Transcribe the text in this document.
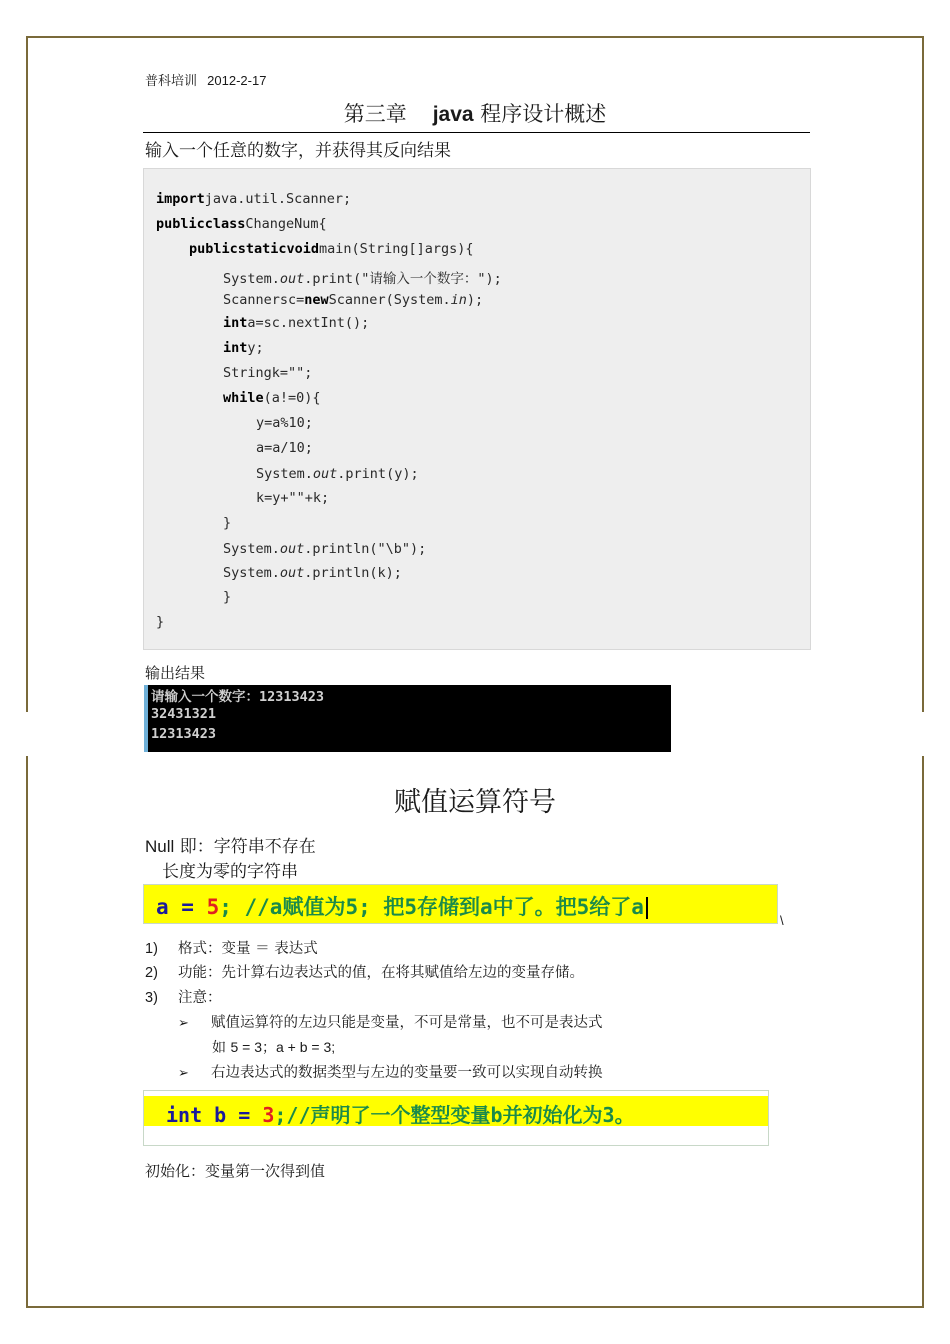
普科培训 2012-2-17
第三章 java 程序设计概述
输入一个任意的数字，并获得其反向结果
importjava.util.Scanner;
publicclassChangeNum{
publicstaticvoidmain(String[]args){
System.out.print("请输入一个数字：");
Scannersc=newScanner(System.in);
inta=sc.nextInt();
inty;
Stringk="";
while(a!=0){
y=a%10;
a=a/10;
System.out.print(y);
k=y+""+k;
}
System.out.println("\b");
System.out.println(k);
}
}
输出结果
请输入一个数字：12313423
32431321
12313423
赋值运算符号
Null 即：字符串不存在
长度为零的字符串
a = 5; //a赋值为5; 把5存储到a中了。把5给了a
\
1) 格式：变量 ＝ 表达式
2) 功能：先计算右边表达式的值，在将其赋值给左边的变量存储。
3) 注意：
➢ 赋值运算符的左边只能是变量，不可是常量，也不可是表达式
如 5 = 3；a + b = 3;
➢ 右边表达式的数据类型与左边的变量要一致可以实现自动转换
int b = 3;//声明了一个整型变量b并初始化为3。
初始化：变量第一次得到值
